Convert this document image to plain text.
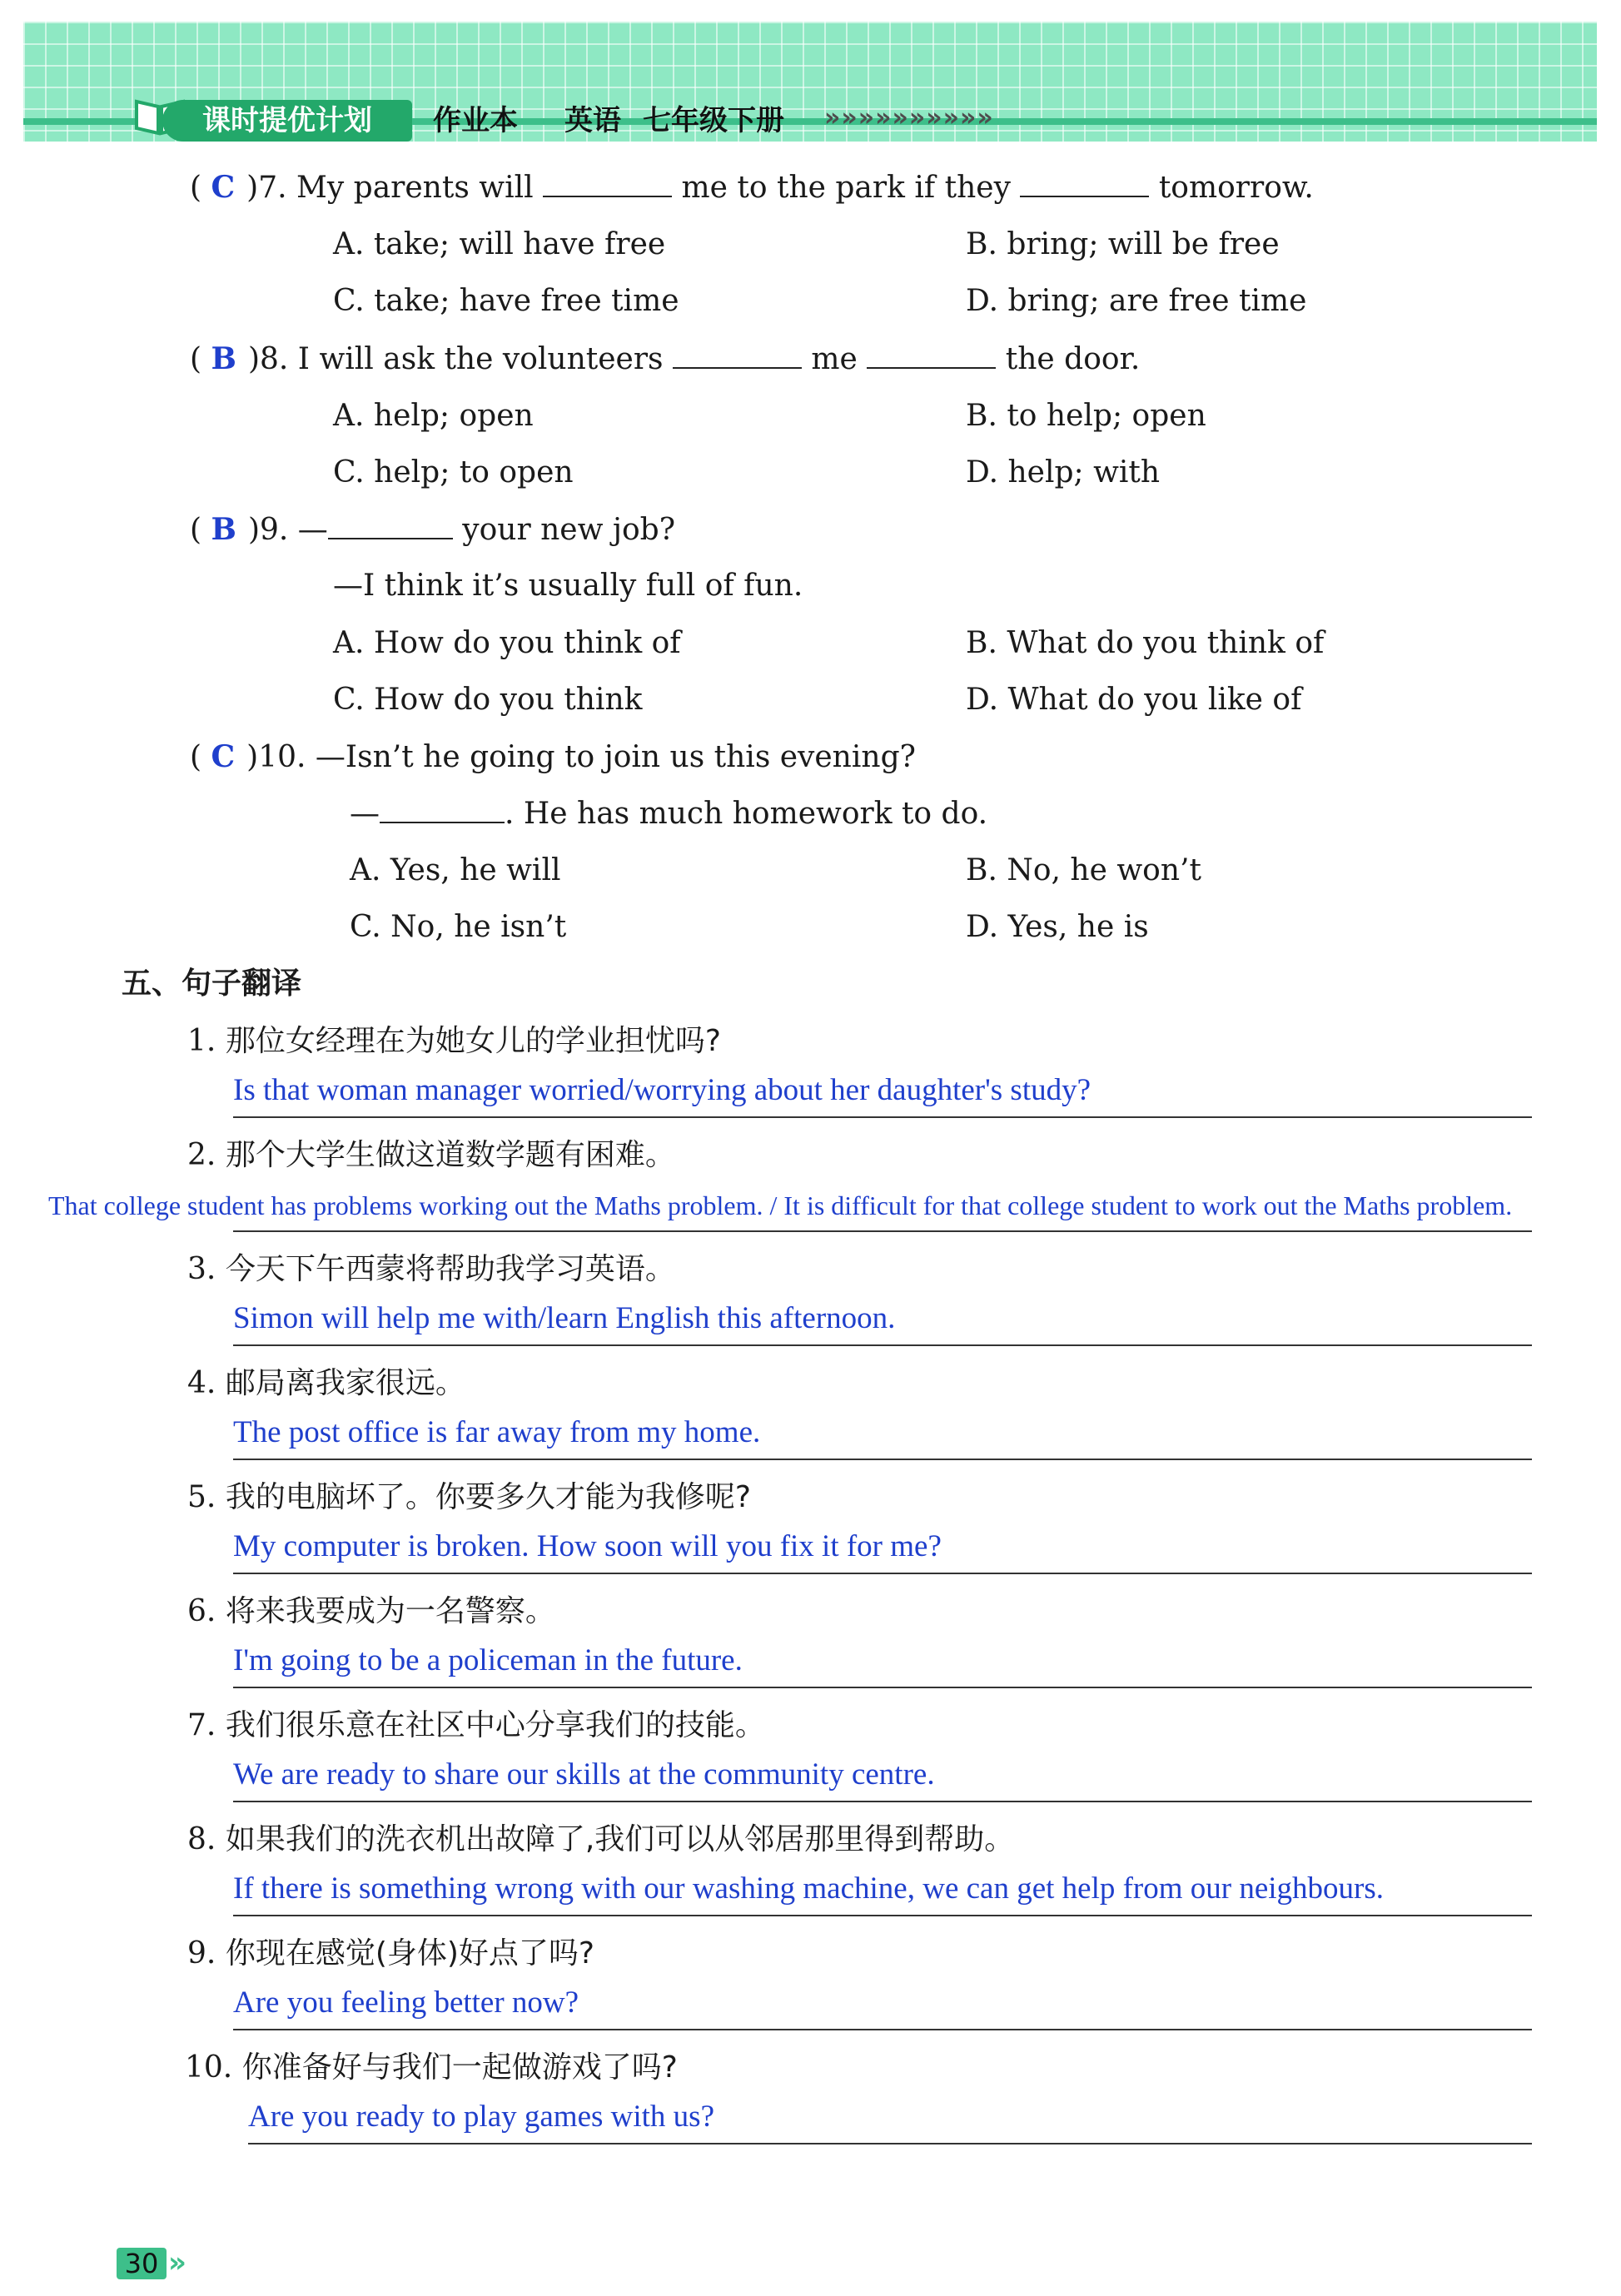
课时提优计划	作业本 英语 七年级下册 »»»»»»»»»»
( C )7. My parents will	me to the park if they	tomorrow.
A. take; will have free	B. bring; will be free
C. take; have free time	D. bring; are free time
( B )8. I will ask the volunteers	me	the door.
A. help; open	B. to help; open
C. help; to open	D. help; with
( B )9. —	your new job?
—I think it’s usually full of fun.
A. How do you think of	B. What do you think of
C. How do you think	D. What do you like of
( C )10. —Isn’t he going to join us this evening?
—	. He has much homework to do.
A. Yes, he will	B. No, he won’t
C. No, he isn’t	D. Yes, he is
五、句子翻译
1. 那位女经理在为她女儿的学业担忧吗?
Is that woman manager worried/worrying about her daughter's study?
2. 那个大学生做这道数学题有困难。
That college student has problems working out the Maths problem. / It is difficult for that college student to work out the Maths problem.
3. 今天下午西蒙将帮助我学习英语。
Simon will help me with/learn English this afternoon.
4. 邮局离我家很远。
The post office is far away from my home.
5. 我的电脑坏了。你要多久才能为我修呢?
My computer is broken. How soon will you fix it for me?
6. 将来我要成为一名警察。
I'm going to be a policeman in the future.
7. 我们很乐意在社区中心分享我们的技能。
We are ready to share our skills at the community centre.
8. 如果我们的洗衣机出故障了,我们可以从邻居那里得到帮助。
If there is something wrong with our washing machine, we can get help from our neighbours.
9. 你现在感觉(身体)好点了吗?
Are you feeling better now?
10. 你准备好与我们一起做游戏了吗?
Are you ready to play games with us?
30 »
